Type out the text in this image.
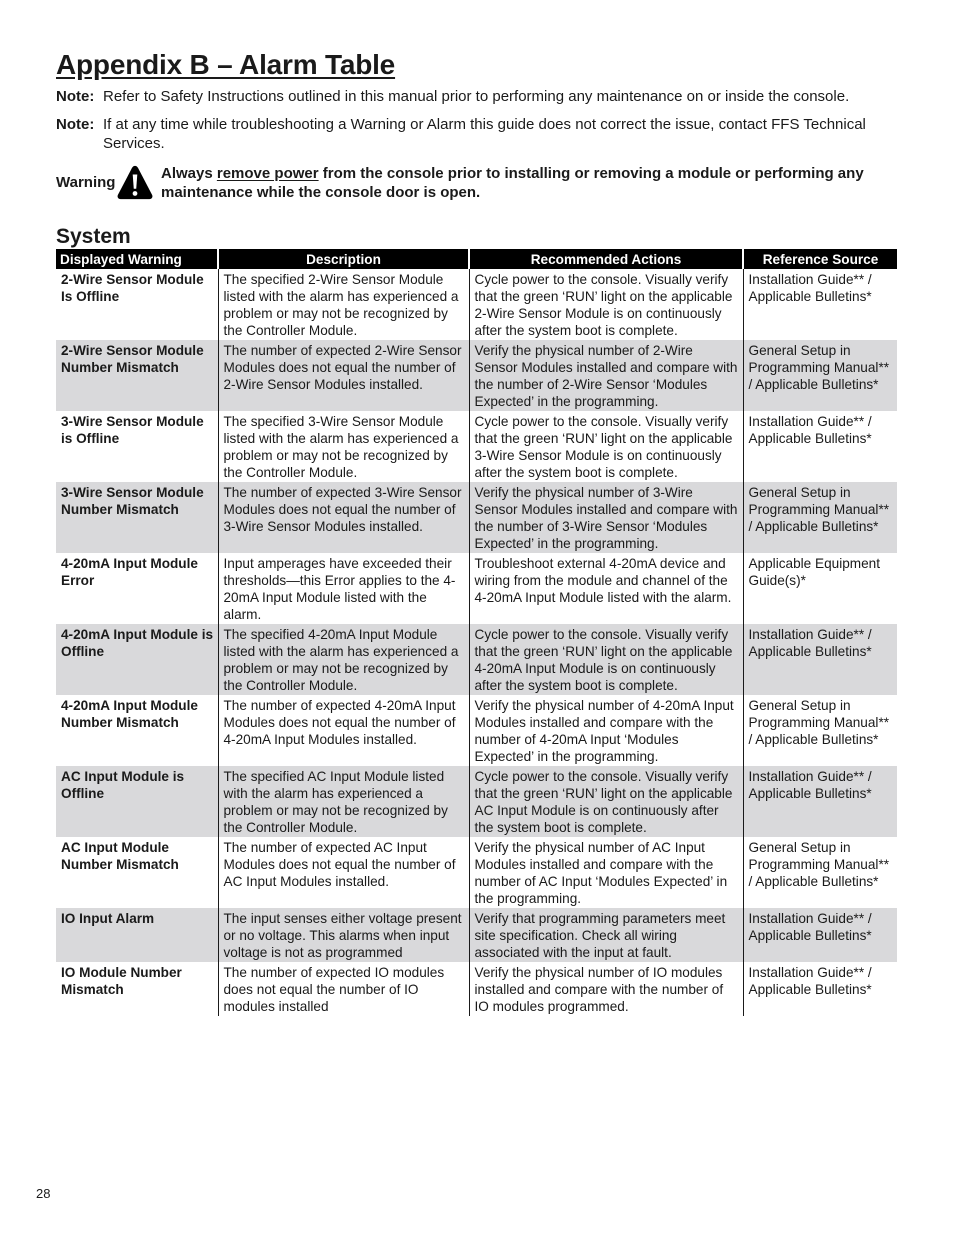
Appendix B – Alarm Table
Note: Refer to Safety Instructions outlined in this manual prior to performing any maintenance on or inside the console.
Note: If at any time while troubleshooting a Warning or Alarm this guide does not correct the issue, contact FFS Technical Services.
Warning
Always remove power from the console prior to installing or removing a module or performing any maintenance while the console door is open.
System
Displayed Warning	Description	Recommended Actions	Reference Source
2-Wire Sensor Module Is Offline	The specified 2-Wire Sensor Module listed with the alarm has experienced a problem or may not be recognized by the Controller Module.	Cycle power to the console. Visually verify that the green ‘RUN’ light on the applicable 2-Wire Sensor Module is on continuously after the system boot is complete.	Installation Guide** / Applicable Bulletins*
2-Wire Sensor Module Number Mismatch	The number of expected 2-Wire Sensor Modules does not equal the number of 2-Wire Sensor Modules installed.	Verify the physical number of 2-Wire Sensor Modules installed and compare with the number of 2-Wire Sensor ‘Modules Expected’ in the programming.	General Setup in Programming Manual** / Applicable Bulletins*
3-Wire Sensor Module is Offline	The specified 3-Wire Sensor Module listed with the alarm has experienced a problem or may not be recognized by the Controller Module.	Cycle power to the console. Visually verify that the green ‘RUN’ light on the applicable 3-Wire Sensor Module is on continuously after the system boot is complete.	Installation Guide** / Applicable Bulletins*
3-Wire Sensor Module Number Mismatch	The number of expected 3-Wire Sensor Modules does not equal the number of 3-Wire Sensor Modules installed.	Verify the physical number of 3-Wire Sensor Modules installed and compare with the number of 3-Wire Sensor ‘Modules Expected’ in the programming.	General Setup in Programming Manual** / Applicable Bulletins*
4-20mA Input Module Error	Input amperages have exceeded their thresholds—this Error applies to the 4-20mA Input Module listed with the alarm.	Troubleshoot external 4-20mA device and wiring from the module and channel of the 4-20mA Input Module listed with the alarm.	Applicable Equipment Guide(s)*
4-20mA Input Module is Offline	The specified 4-20mA Input Module listed with the alarm has experienced a problem or may not be recognized by the Controller Module.	Cycle power to the console. Visually verify that the green ‘RUN’ light on the applicable 4-20mA Input Module is on continuously after the system boot is complete.	Installation Guide** / Applicable Bulletins*
4-20mA Input Module Number Mismatch	The number of expected 4-20mA Input Modules does not equal the number of 4-20mA Input Modules installed.	Verify the physical number of 4-20mA Input Modules installed and compare with the number of 4-20mA Input ‘Modules Expected’ in the programming.	General Setup in Programming Manual** / Applicable Bulletins*
AC Input Module is Offline	The specified AC Input Module listed with the alarm has experienced a problem or may not be recognized by the Controller Module.	Cycle power to the console. Visually verify that the green ‘RUN’ light on the applicable AC Input Module is on continuously after the system boot is complete.	Installation Guide** / Applicable Bulletins*
AC Input Module Number Mismatch	The number of expected AC Input Modules does not equal the number of AC Input Modules installed.	Verify the physical number of AC Input Modules installed and compare with the number of AC Input ‘Modules Expected’ in the programming.	General Setup in Programming Manual** / Applicable Bulletins*
IO Input Alarm	The input senses either voltage present or no voltage. This alarms when input voltage is not as programmed	Verify that programming parameters meet site specification. Check all wiring associated with the input at fault.	Installation Guide** / Applicable Bulletins*
IO Module Number Mismatch	The number of expected IO modules does not equal the number of IO modules installed	Verify the physical number of IO modules installed and compare with the number of IO modules programmed.	Installation Guide** / Applicable Bulletins*
28
